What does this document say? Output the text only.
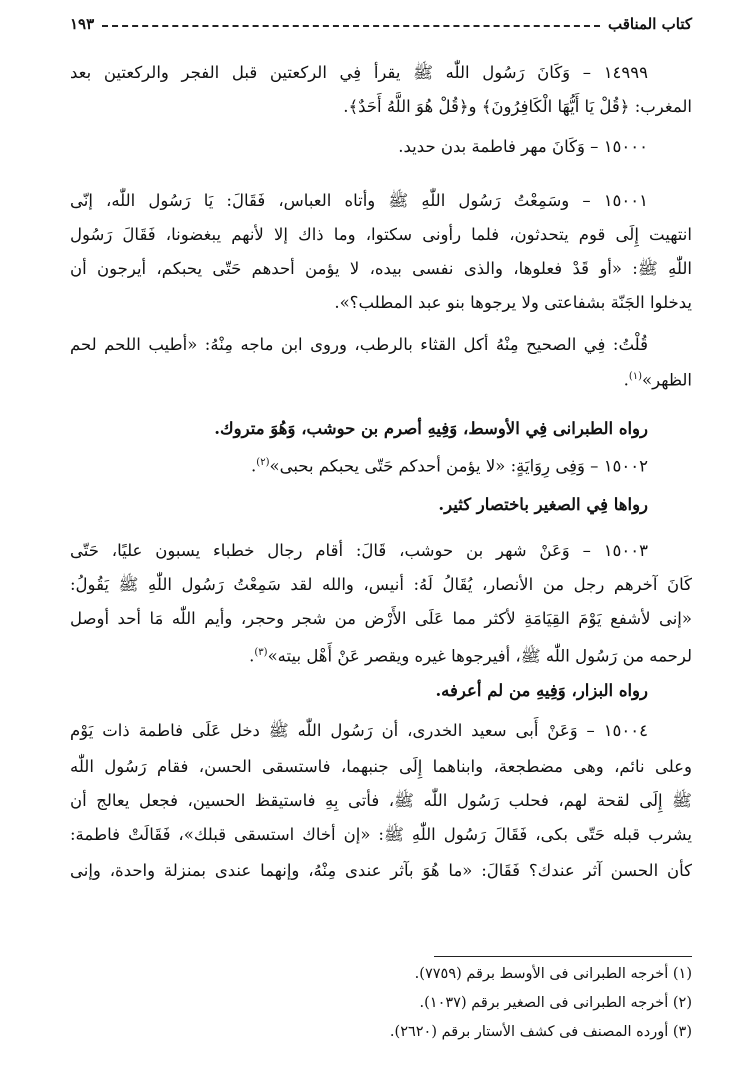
كتاب المناقب
١٩٣
١٤٩٩٩ – وَكَانَ رَسُول اللّٰه ﷺ يقرأ فِي الركعتين قبل الفجر والركعتين بعد
المغرب: ﴿قُلْ يَا أَيُّهَا الْكَافِرُونَ﴾ و﴿قُلْ هُوَ اللَّهُ أَحَدٌ﴾.
١٥٠٠٠ – وَكَانَ مهر فاطمة بدن حديد.
١٥٠٠١ – وسَمِعْتُ رَسُول اللّٰهِ ﷺ وأتاه العباس، فَقَالَ: يَا رَسُول اللّٰه، إنّى
انتهيت إِلَى قوم يتحدثون، فلما رأونى سكتوا، وما ذاك إلا لأنهم يبغضونا، فَقَالَ رَسُول
اللّٰهِ ﷺ: «أو قَدْ فعلوها، والذى نفسى بيده، لا يؤمن أحدهم حَتّى يحبكم، أيرجون أن
يدخلوا الجَنّة بشفاعتى ولا يرجوها بنو عبد المطلب؟».
قُلْتُ: فِي الصحيح مِنْهُ أكل القثاء بالرطب، وروى ابن ماجه مِنْهُ: «أطيب اللحم لحم
الظهر»$^{(١)}$.
رواه الطبرانى فِي الأوسط، وَفِيهِ أصرم بن حوشب، وَهُوَ متروك.
١٥٠٠٢ – وَفِى رِوَايَةٍ: «لا يؤمن أحدكم حَتّى يحبكم بحبى»$^{(٢)}$.
رواها فِي الصغير باختصار كثير.
١٥٠٠٣ – وَعَنْ شهر بن حوشب، قَالَ: أقام رجال خطباء يسبون عليًا، حَتّى
كَانَ آخرهم رجل من الأنصار، يُقَالُ لَهُ: أنيس، والله لقد سَمِعْتُ رَسُول اللّٰهِ ﷺ يَقُولُ:
«إنى لأشفع يَوْمَ القِيَامَةِ لأكثر مما عَلَى الأَرْض من شجر وحجر، وأيم اللّٰه مَا أحد أوصل
لرحمه من رَسُول اللّٰه ﷺ، أفيرجوها غيره ويقصر عَنْ أَهْل بيته»$^{(٣)}$.
رواه البزار، وَفِيهِ من لم أعرفه.
١٥٠٠٤ – وَعَنْ أَبى سعيد الخدرى، أن رَسُول اللّٰه ﷺ دخل عَلَى فاطمة ذات يَوْم
وعلى نائم، وهى مضطجعة، وابناهما إِلَى جنبهما، فاستسقى الحسن، فقام رَسُول اللّٰه
ﷺ إِلَى لقحة لهم، فحلب رَسُول اللّٰه ﷺ، فأتى بِهِ فاستيقظ الحسين، فجعل يعالج أن
يشرب قبله حَتّى بكى، فَقَالَ رَسُول اللّٰهِ ﷺ: «إن أخاك استسقى قبلك»، فَقَالَتْ فاطمة:
كأن الحسن آثر عندك؟ فَقَالَ: «ما هُوَ بآثر عندى مِنْهُ، وإنهما عندى بمنزلة واحدة، وإنى
(١) أخرجه الطبرانى فى الأوسط برقم (٧٧٥٩).
(٢) أخرجه الطبرانى فى الصغير برقم (١٠٣٧).
(٣) أورده المصنف فى كشف الأستار برقم (٢٦٢٠).
